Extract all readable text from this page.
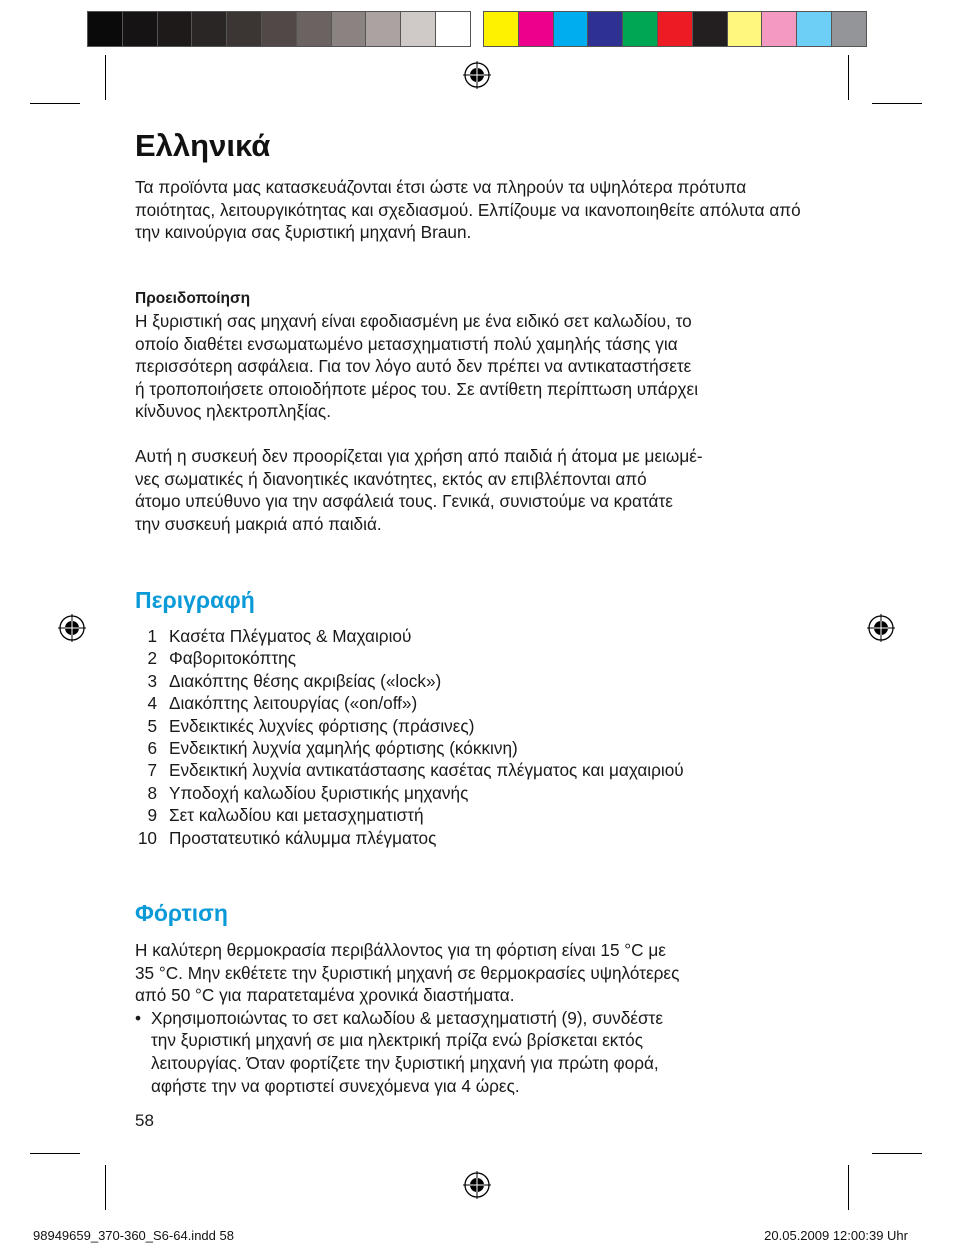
Ελληνικά

Τα προϊόντα μας κατασκευάζονται έτσι ώστε να πληρούν τα υψηλότερα πρότυπα ποιότητας, λειτουργικότητας και σχεδιασμού. Ελπίζουμε να ικανοποιηθείτε απόλυτα από την καινούργια σας ξυριστική μηχανή Braun.

Προειδοποίηση
Η ξυριστική σας μηχανή είναι εφοδιασμένη με ένα ειδικό σετ καλωδίου, το
οποίο διαθέτει ενσωματωμένο μετασχηματιστή πολύ χαμηλής τάσης για
περισσότερη ασφάλεια. Για τον λόγο αυτό δεν πρέπει να αντικαταστήσετε
ή τροποποιήσετε οποιοδήποτε μέρος του. Σε αντίθετη περίπτωση υπάρχει
κίνδυνος ηλεκτροπληξίας.
Αυτή η συσκευή δεν προορίζεται για χρήση από παιδιά ή άτομα με μειωμέ-
νες σωματικές ή διανοητικές ικανότητες, εκτός αν επιβλέπονται από
άτομο υπεύθυνο για την ασφάλειά τους. Γενικά, συνιστούμε να κρατάτε
την συσκευή μακριά από παιδιά.
Περιγραφή
1 Κασέτα Πλέγματος & Μαχαιριού
2 Φαβοριτοκόπτης
3 Διακόπτης θέσης ακριβείας («lock»)
4 Διακόπτης λειτουργίας («on/off»)
5 Ενδεικτικές λυχνίες φόρτισης (πράσινες)
6 Ενδεικτική λυχνία χαμηλής φόρτισης (κόκκινη)
7 Ενδεικτική λυχνία αντικατάστασης κασέτας πλέγματος και μαχαιριού
8 Υποδοχή καλωδίου ξυριστικής μηχανής
9 Σετ καλωδίου και μετασχηματιστή
10 Προστατευτικό κάλυμμα πλέγματος
Φόρτιση
Η καλύτερη θερμοκρασία περιβάλλοντος για τη φόρτιση είναι 15 °C με
35 °C. Μην εκθέτετε την ξυριστική μηχανή σε θερμοκρασίες υψηλότερες
από 50 °C για παρατεταμένα χρονικά διαστήματα.
• Χρησιμοποιώντας το σετ καλωδίου & μετασχηματιστή (9), συνδέστε
την ξυριστική μηχανή σε μια ηλεκτρική πρίζα ενώ βρίσκεται εκτός
λειτουργίας. Όταν φορτίζετε την ξυριστική μηχανή για πρώτη φορά,
αφήστε την να φορτιστεί συνεχόμενα για 4 ώρες.
58
98949659_370-360_S6-64.indd 58	20.05.2009 12:00:39 Uhr
